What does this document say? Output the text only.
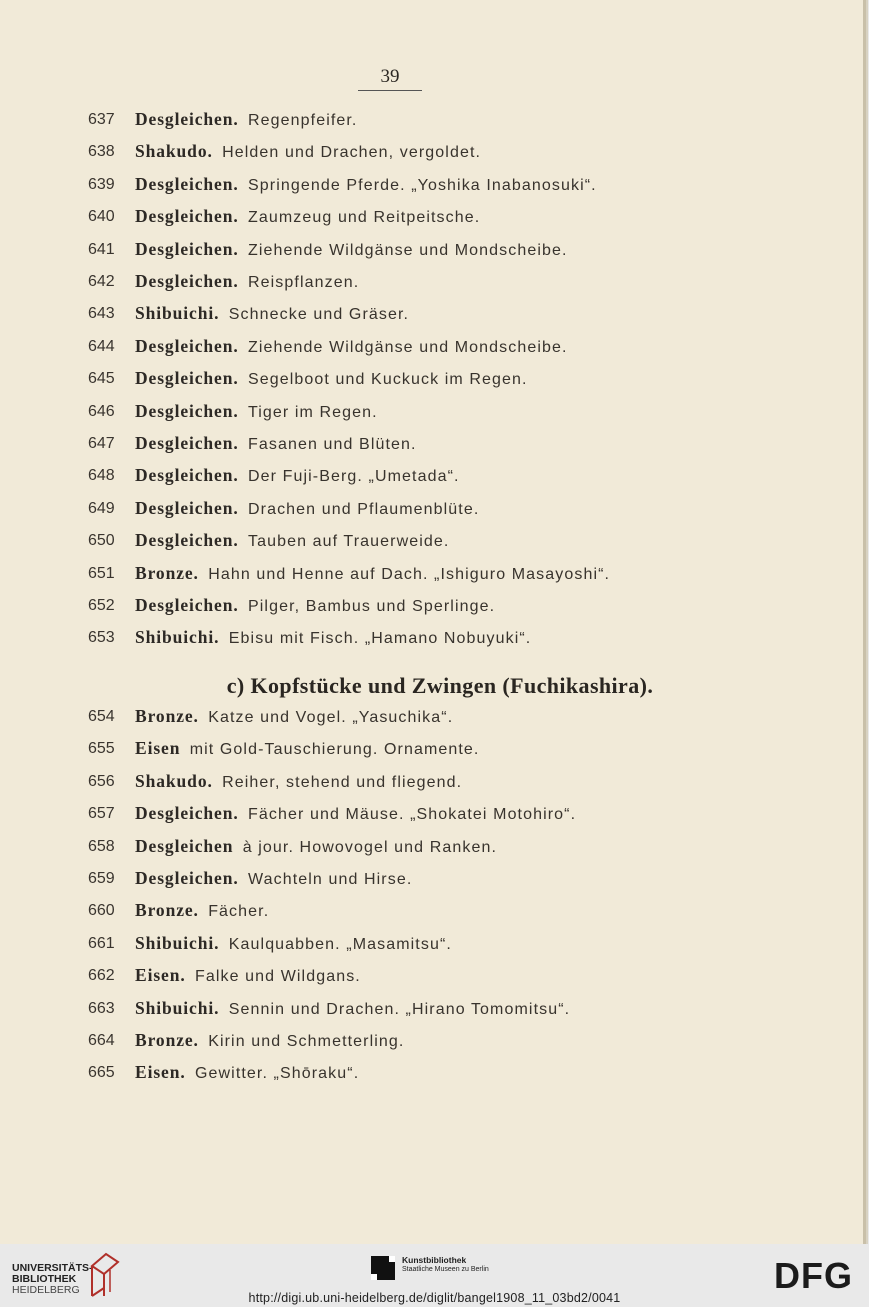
39
637	Desgleichen.  Regenpfeifer.
638	Shakudo.  Helden und Drachen, vergoldet.
639	Desgleichen.  Springende Pferde. „Yoshika Inabanosuki“.
640	Desgleichen.  Zaumzeug und Reitpeitsche.
641	Desgleichen.  Ziehende Wildgänse und Mondscheibe.
642	Desgleichen.  Reispflanzen.
643	Shibuichi.  Schnecke und Gräser.
644	Desgleichen.  Ziehende Wildgänse und Mondscheibe.
645	Desgleichen.  Segelboot und Kuckuck im Regen.
646	Desgleichen.  Tiger im Regen.
647	Desgleichen.  Fasanen und Blüten.
648	Desgleichen.  Der Fuji-Berg. „Umetada“.
649	Desgleichen.  Drachen und Pflaumenblüte.
650	Desgleichen.  Tauben auf Trauerweide.
651	Bronze.  Hahn und Henne auf Dach. „Ishiguro Masayoshi“.
652	Desgleichen.  Pilger, Bambus und Sperlinge.
653	Shibuichi.  Ebisu mit Fisch. „Hamano Nobuyuki“.
654	Bronze.  Katze und Vogel. „Yasuchika“.
655	Eisen  mit Gold-Tauschierung. Ornamente.
656	Shakudo.  Reiher, stehend und fliegend.
657	Desgleichen.  Fächer und Mäuse. „Shokatei Motohiro“.
658	Desgleichen  à jour. Howovogel und Ranken.
659	Desgleichen.  Wachteln und Hirse.
660	Bronze.  Fächer.
661	Shibuichi.  Kaulquabben. „Masamitsu“.
662	Eisen.  Falke und Wildgans.
663	Shibuichi.  Sennin und Drachen. „Hirano Tomomitsu“.
664	Bronze.  Kirin und Schmetterling.
665	Eisen.  Gewitter. „Shōraku“.
c) Kopfstücke und Zwingen (Fuchikashira).
UNIVERSITÄTS-
BIBLIOTHEK
HEIDELBERG
Kunstbibliothek
Staatliche Museen zu Berlin	DFG
http://digi.ub.uni-heidelberg.de/diglit/bangel1908_11_03bd2/0041
